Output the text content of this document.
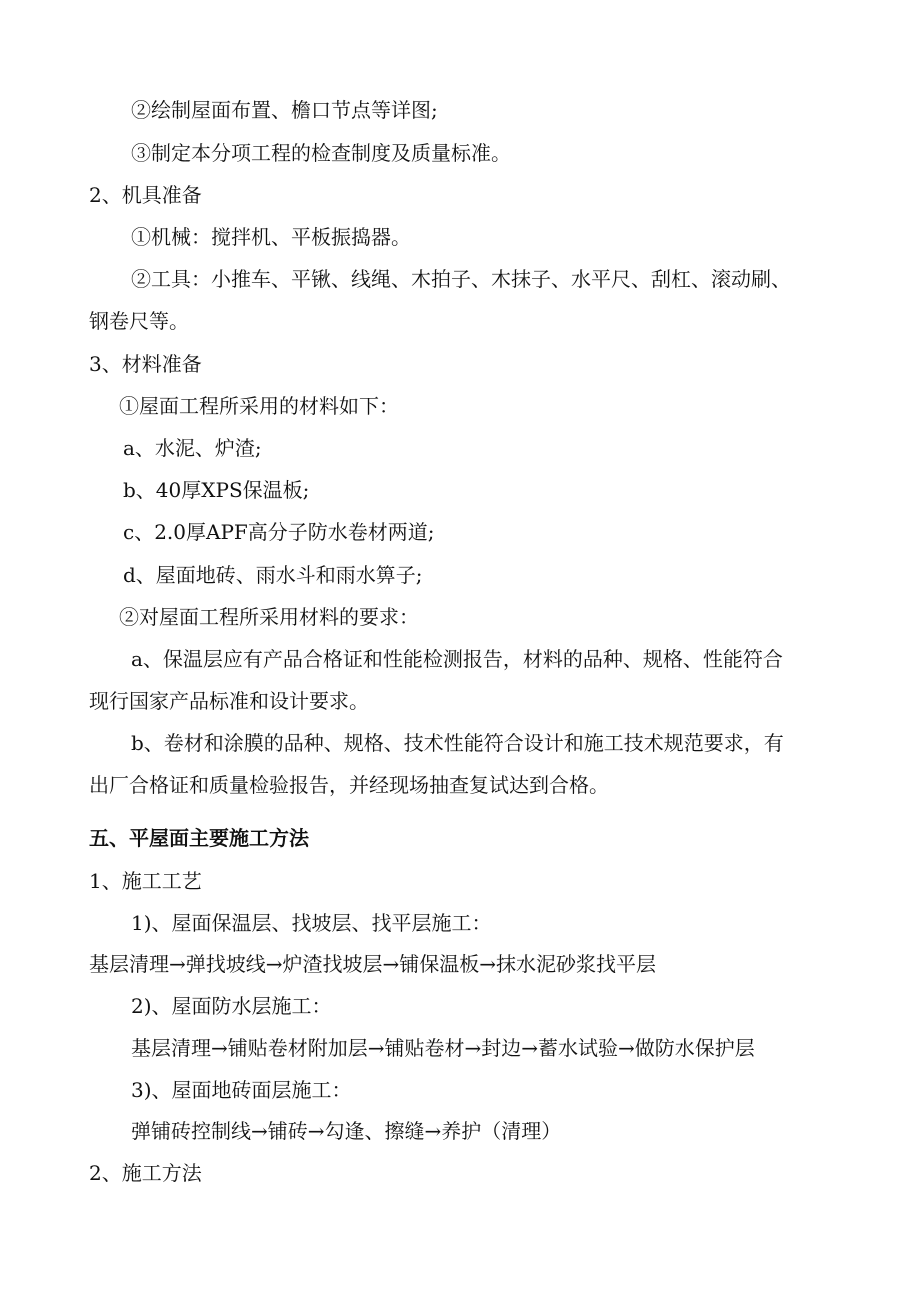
②绘制屋面布置、檐口节点等详图;
③制定本分项工程的检查制度及质量标准。
2、机具准备
①机械：搅拌机、平板振捣器。
②工具：小推车、平锹、线绳、木拍子、木抹子、水平尺、刮杠、滚动刷、
钢卷尺等。
3、材料准备
①屋面工程所采用的材料如下：
a、水泥、炉渣;
b、40厚XPS保温板;
c、2.0厚APF高分子防水卷材两道;
d、屋面地砖、雨水斗和雨水箅子;
②对屋面工程所采用材料的要求：
a、保温层应有产品合格证和性能检测报告，材料的品种、规格、性能符合
现行国家产品标准和设计要求。
b、卷材和涂膜的品种、规格、技术性能符合设计和施工技术规范要求，有
出厂合格证和质量检验报告，并经现场抽查复试达到合格。
五、平屋面主要施工方法
1、施工工艺
1)、屋面保温层、找坡层、找平层施工：
基层清理→弹找坡线→炉渣找坡层→铺保温板→抹水泥砂浆找平层
2)、屋面防水层施工：
基层清理→铺贴卷材附加层→铺贴卷材→封边→蓄水试验→做防水保护层
3)、屋面地砖面层施工：
弹铺砖控制线→铺砖→勾逢、擦缝→养护（清理）
2、施工方法
